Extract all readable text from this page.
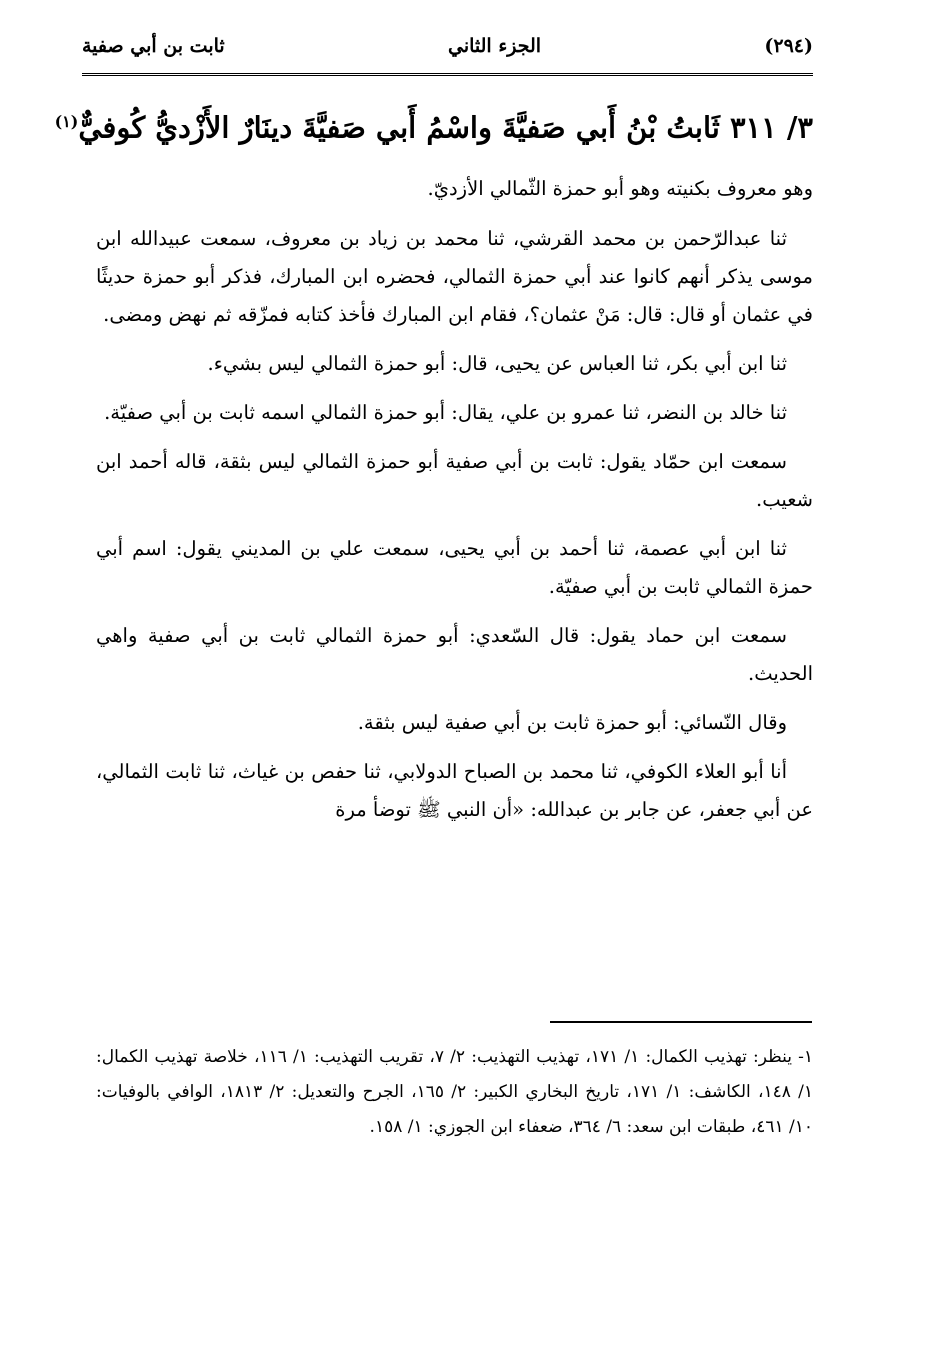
(٢٩٤)
الجزء الثاني
ثابت بن أبي صفية
٣/ ٣١١ ثَابتُ بْنُ أَبي صَفيَّةَ واسْمُ أَبي صَفيَّةَ دينَارٌ الأَزْديُّ كُوفيٌّ$^{(١)}$

وهو معروف بكنيته وهو أبو حمزة الثّمالي الأزديّ.

ثنا عبدالرّحمن بن محمد القرشي، ثنا محمد بن زياد بن معروف، سمعت عبيدالله ابن موسى يذكر أنهم كانوا عند أبي حمزة الثمالي، فحضره ابن المبارك، فذكر أبو حمزة حديثًا في عثمان أو قال: قال: مَنْ عثمان؟، فقام ابن المبارك فأخذ كتابه فمزّقه ثم نهض ومضى.

ثنا ابن أبي بكر، ثنا العباس عن يحيى، قال: أبو حمزة الثمالي ليس بشيء.

ثنا خالد بن النضر، ثنا عمرو بن علي، يقال: أبو حمزة الثمالي اسمه ثابت بن أبي صفيّة.

سمعت ابن حمّاد يقول: ثابت بن أبي صفية أبو حمزة الثمالي ليس بثقة، قاله أحمد ابن شعيب.

ثنا ابن أبي عصمة، ثنا أحمد بن أبي يحيى، سمعت علي بن المديني يقول: اسم أبي حمزة الثمالي ثابت بن أبي صفيّة.

سمعت ابن حماد يقول: قال السّعدي: أبو حمزة الثمالي ثابت بن أبي صفية واهي الحديث.

وقال النّسائي: أبو حمزة ثابت بن أبي صفية ليس بثقة.

أنا أبو العلاء الكوفي، ثنا محمد بن الصباح الدولابي، ثنا حفص بن غياث، ثنا ثابت الثمالي، عن أبي جعفر، عن جابر بن عبدالله: «أن النبي ﷺ توضأ مرة

١- ينظر: تهذيب الكمال: ١/ ١٧١، تهذيب التهذيب: ٢/ ٧، تقريب التهذيب: ١/ ١١٦، خلاصة تهذيب الكمال: ١/ ١٤٨، الكاشف: ١/ ١٧١، تاريخ البخاري الكبير: ٢/ ١٦٥، الجرح والتعديل: ٢/ ١٨١٣، الوافي بالوفيات: ١٠/ ٤٦١، طبقات ابن سعد: ٦/ ٣٦٤، ضعفاء ابن الجوزي: ١/ ١٥٨.
